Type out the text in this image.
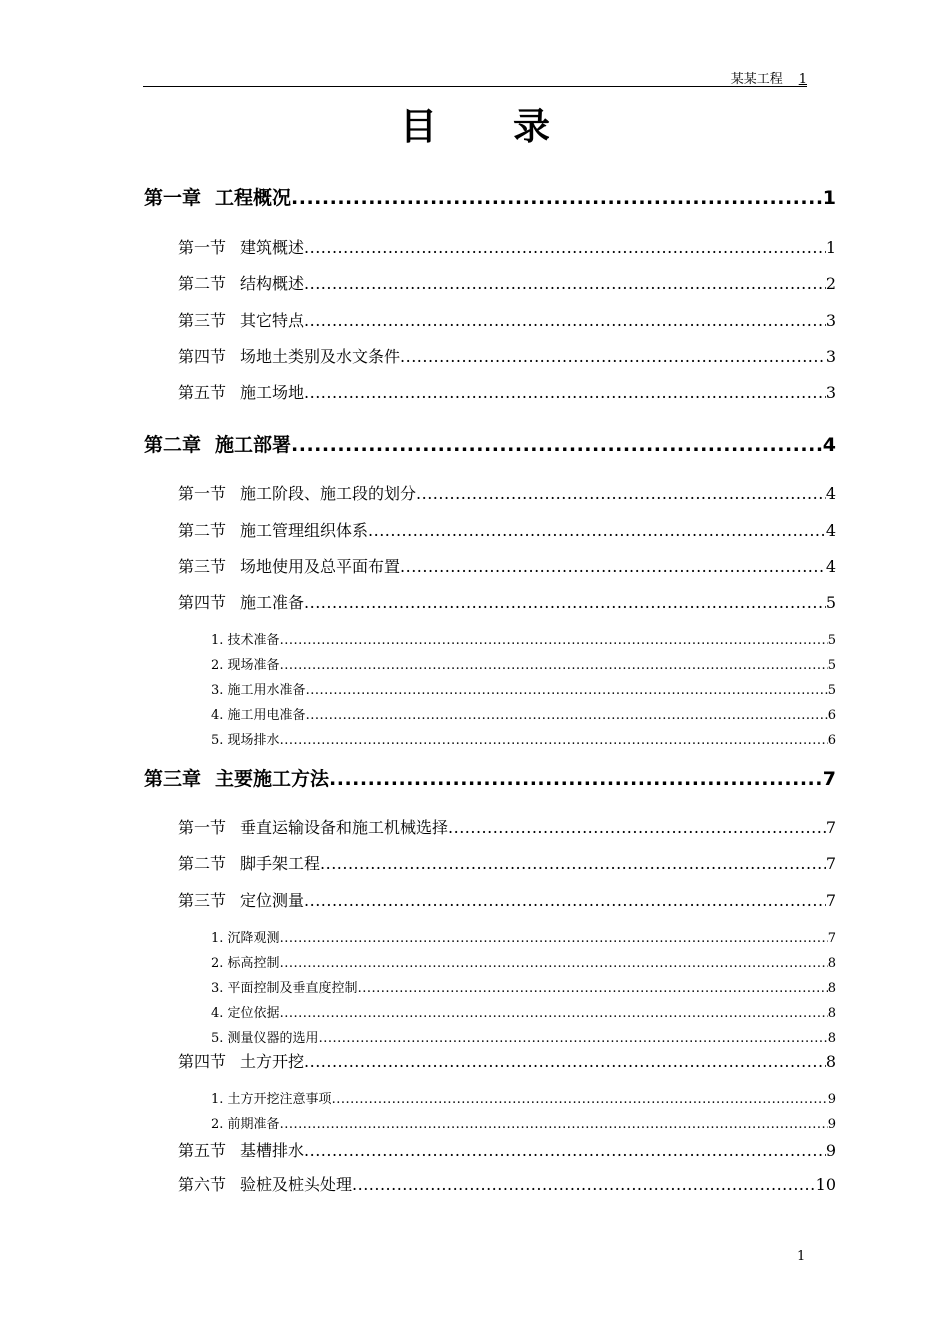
某某工程 1
目录
第一章 工程概况 .....	1
第一节 建筑概述 .....	1
第二节 结构概述 .....	2
第三节 其它特点 .....	3
第四节 场地土类别及水文条件 .....	3
第五节 施工场地 .....	3
第二章 施工部署 .....	4
第一节 施工阶段、施工段的划分 .....	4
第二节 施工管理组织体系 .....	4
第三节 场地使用及总平面布置 .....	4
第四节 施工准备 .....	5
1. 技术准备 .....	5
2. 现场准备 .....	5
3. 施工用水准备 .....	5
4. 施工用电准备 .....	6
5. 现场排水 .....	6
第三章 主要施工方法 .....	7
第一节 垂直运输设备和施工机械选择 .....	7
第二节 脚手架工程 .....	7
第三节 定位测量 .....	7
1. 沉降观测 .....	7
2. 标高控制 .....	8
3. 平面控制及垂直度控制 .....	8
4. 定位依据 .....	8
5. 测量仪器的选用 .....	8
第四节 土方开挖 .....	8
1. 土方开挖注意事项 .....	9
2. 前期准备 .....	9
第五节 基槽排水 .....	9
第六节 验桩及桩头处理 .....	10
1
